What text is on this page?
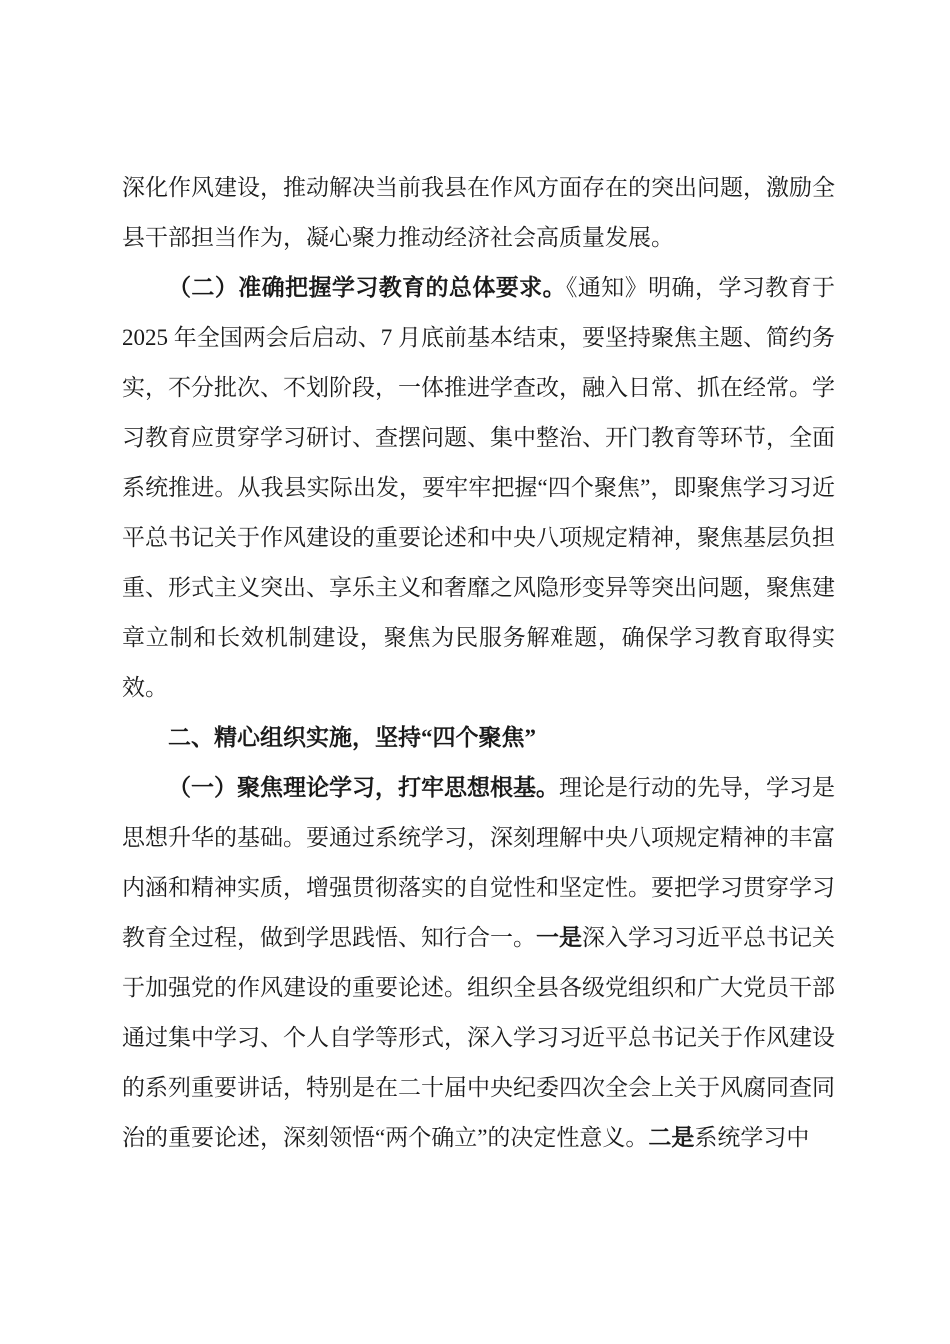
深化作风建设，推动解决当前我县在作风方面存在的突出问题，激励全县干部担当作为，凝心聚力推动经济社会高质量发展。

（二）准确把握学习教育的总体要求。《通知》明确，学习教育于 2025 年全国两会后启动、7 月底前基本结束，要坚持聚焦主题、简约务实，不分批次、不划阶段，一体推进学查改，融入日常、抓在经常。学习教育应贯穿学习研讨、查摆问题、集中整治、开门教育等环节，全面系统推进。从我县实际出发，要牢牢把握“四个聚焦”，即聚焦学习习近平总书记关于作风建设的重要论述和中央八项规定精神，聚焦基层负担重、形式主义突出、享乐主义和奢靡之风隐形变异等突出问题，聚焦建章立制和长效机制建设，聚焦为民服务解难题，确保学习教育取得实效。

二、精心组织实施，坚持“四个聚焦”

（一）聚焦理论学习，打牢思想根基。理论是行动的先导，学习是思想升华的基础。要通过系统学习，深刻理解中央八项规定精神的丰富内涵和精神实质，增强贯彻落实的自觉性和坚定性。要把学习贯穿学习教育全过程，做到学思践悟、知行合一。一是深入学习习近平总书记关于加强党的作风建设的重要论述。组织全县各级党组织和广大党员干部通过集中学习、个人自学等形式，深入学习习近平总书记关于作风建设的系列重要讲话，特别是在二十届中央纪委四次全会上关于风腐同查同治的重要论述，深刻领悟“两个确立”的决定性意义。二是系统学习中
